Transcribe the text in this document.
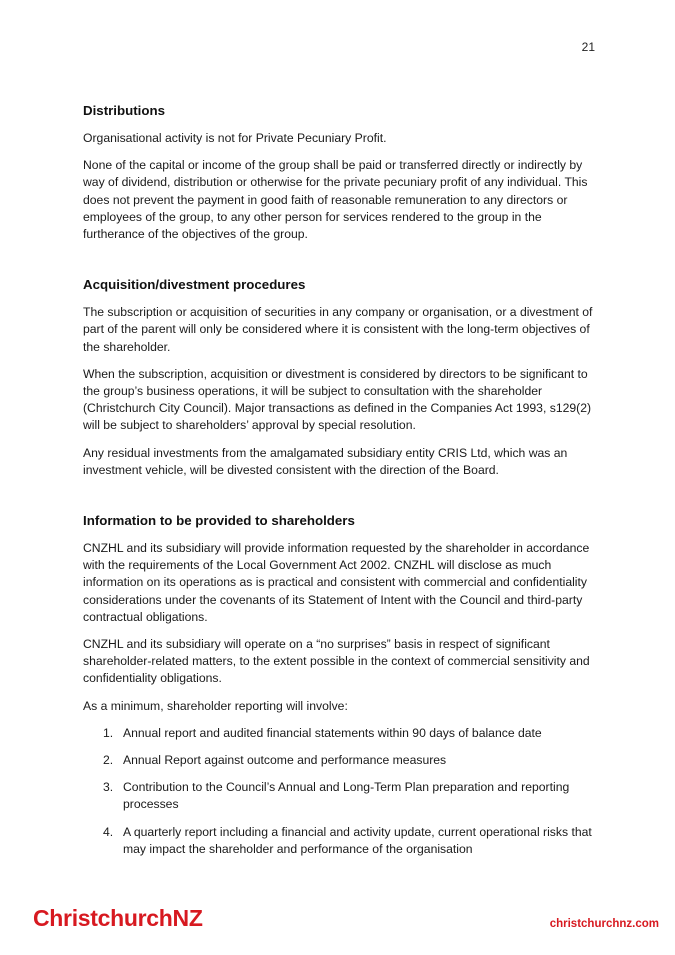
21
Distributions

Organisational activity is not for Private Pecuniary Profit.

None of the capital or income of the group shall be paid or transferred directly or indirectly by way of dividend, distribution or otherwise for the private pecuniary profit of any individual. This does not prevent the payment in good faith of reasonable remuneration to any directors or employees of the group, to any other person for services rendered to the group in the furtherance of the objectives of the group.

Acquisition/divestment procedures

The subscription or acquisition of securities in any company or organisation, or a divestment of part of the parent will only be considered where it is consistent with the long-term objectives of the shareholder.

When the subscription, acquisition or divestment is considered by directors to be significant to the group’s business operations, it will be subject to consultation with the shareholder (Christchurch City Council). Major transactions as defined in the Companies Act 1993, s129(2) will be subject to shareholders’ approval by special resolution.

Any residual investments from the amalgamated subsidiary entity CRIS Ltd, which was an investment vehicle, will be divested consistent with the direction of the Board.

Information to be provided to shareholders

CNZHL and its subsidiary will provide information requested by the shareholder in accordance with the requirements of the Local Government Act 2002. CNZHL will disclose as much information on its operations as is practical and consistent with commercial and confidentiality considerations under the covenants of its Statement of Intent with the Council and third-party contractual obligations.

CNZHL and its subsidiary will operate on a “no surprises” basis in respect of significant shareholder-related matters, to the extent possible in the context of commercial sensitivity and confidentiality obligations.

As a minimum, shareholder reporting will involve:

1. Annual report and audited financial statements within 90 days of balance date
2. Annual Report against outcome and performance measures
3. Contribution to the Council’s Annual and Long-Term Plan preparation and reporting processes
4. A quarterly report including a financial and activity update, current operational risks that may impact the shareholder and performance of the organisation
ChristchurchNZ	christchurchnz.com
